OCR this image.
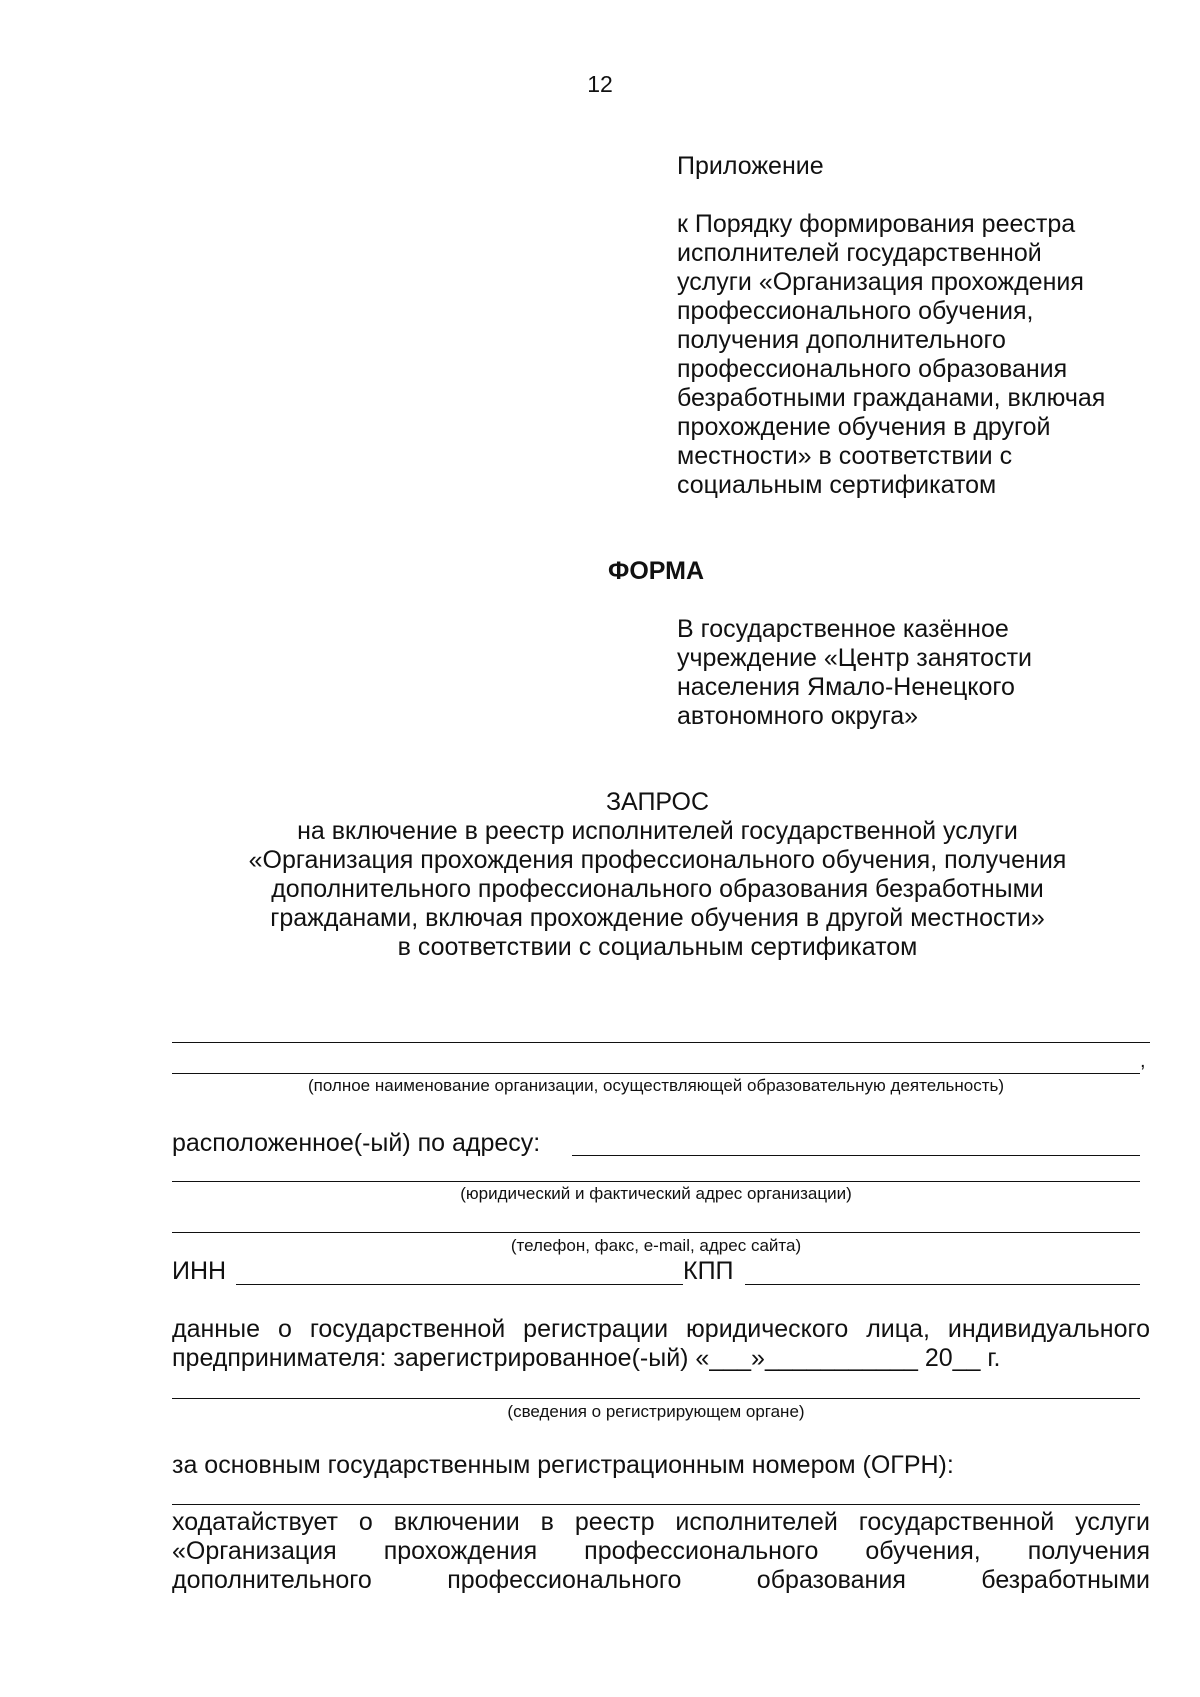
12
Приложение
к Порядку формирования реестра
исполнителей государственной
услуги «Организация прохождения
профессионального обучения,
получения дополнительного
профессионального образования
безработными гражданами, включая
прохождение обучения в другой
местности» в соответствии с
социальным сертификатом
ФОРМА
В государственное казённое
учреждение «Центр занятости
населения Ямало-Ненецкого
автономного округа»
ЗАПРОС
на включение в реестр исполнителей государственной услуги
«Организация прохождения профессионального обучения, получения
дополнительного профессионального образования безработными
гражданами, включая прохождение обучения в другой местности»
в соответствии с социальным сертификатом
,
(полное наименование организации, осуществляющей образовательную деятельность)
расположенное(-ый) по адресу:
(юридический и фактический адрес организации)
(телефон, факс, e-mail, адрес сайта)
ИНН	КПП
данные о государственной регистрации юридического лица, индивидуального
предпринимателя: зарегистрированное(-ый) «___»___________ 20__ г.
(сведения о регистрирующем органе)
за основным государственным регистрационным номером (ОГРН):
ходатайствует о включении в реестр исполнителей государственной услуги
«Организация прохождения профессионального обучения, получения
дополнительного профессионального образования безработными
